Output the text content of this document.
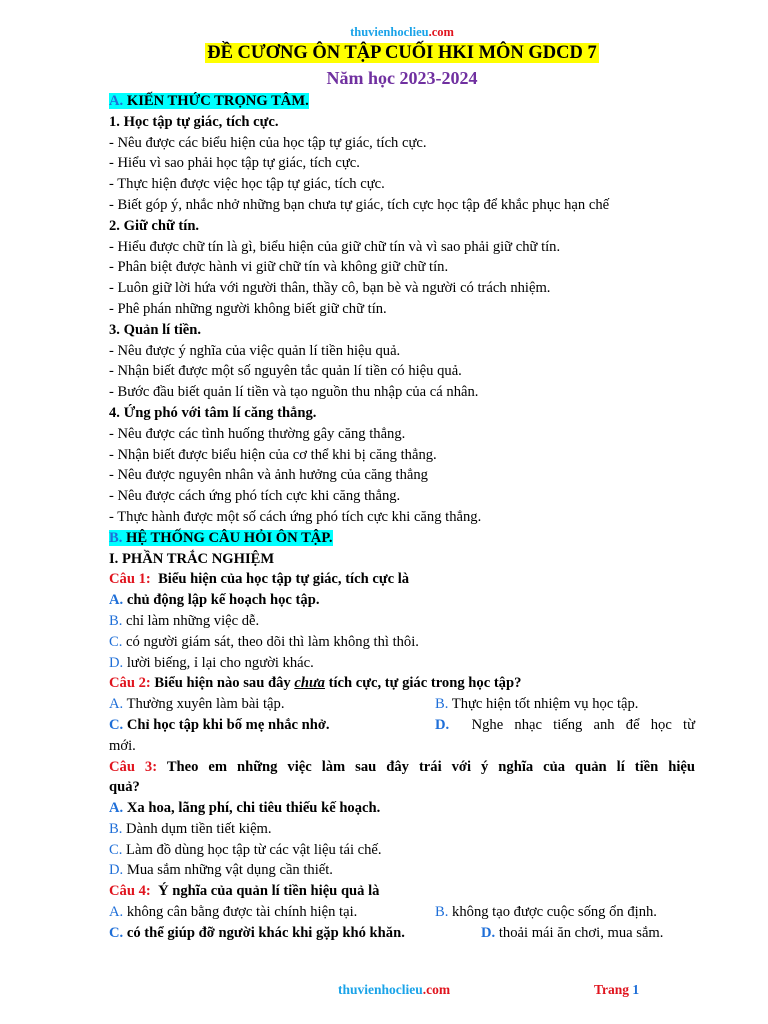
thuvienhoclieu.com
ĐỀ CƯƠNG ÔN TẬP CUỐI HKI MÔN GDCD 7
Năm học 2023-2024
A. KIẾN THỨC TRỌNG TÂM.
1. Học tập tự giác, tích cực.
- Nêu được các biểu hiện của học tập tự giác, tích cực.
- Hiểu vì sao phải học tập tự giác, tích cực.
- Thực hiện được việc học tập tự giác, tích cực.
- Biết góp ý, nhắc nhở những bạn chưa tự giác, tích cực học tập để khắc phục hạn chế
2. Giữ chữ tín.
- Hiểu được chữ tín là gì, biểu hiện của giữ chữ tín và vì sao phải giữ chữ tín.
- Phân biệt được hành vi giữ chữ tín và không giữ chữ tín.
- Luôn giữ lời hứa với người thân, thầy cô, bạn bè và người có trách nhiệm.
- Phê phán những người không biết giữ chữ tín.
3. Quản lí tiền.
- Nêu được ý nghĩa của việc quản lí tiền hiệu quả.
- Nhận biết được một số nguyên tắc quản lí tiền có hiệu quả.
- Bước đầu biết quản lí tiền và tạo nguồn thu nhập của cá nhân.
4. Ứng phó với tâm lí căng thẳng.
- Nêu được các tình huống thường gây căng thẳng.
- Nhận biết được biểu hiện của cơ thể khi bị căng thẳng.
- Nêu được nguyên nhân và ảnh hưởng của căng thẳng
- Nêu được cách ứng phó tích cực khi căng thẳng.
- Thực hành được một số cách ứng phó tích cực khi căng thẳng.
B. HỆ THỐNG CÂU HỎI ÔN TẬP.
I. PHẦN TRẮC NGHIỆM
Câu 1: Biểu hiện của học tập tự giác, tích cực là
A. chủ động lập kế hoạch học tập.
B. chỉ làm những việc dễ.
C. có người giám sát, theo dõi thì làm không thì thôi.
D. lười biếng, ỉ lại cho người khác.
Câu 2: Biểu hiện nào sau đây chưa tích cực, tự giác trong học tập?
A. Thường xuyên làm bài tập.	B. Thực hiện tốt nhiệm vụ học tập.
C. Chỉ học tập khi bố mẹ nhắc nhở.	D. Nghe nhạc tiếng anh để học từ
mới.
Câu 3: Theo em những việc làm sau đây trái với ý nghĩa của quản lí tiền hiệu
quả?
A. Xa hoa, lãng phí, chi tiêu thiếu kế hoạch.
B. Dành dụm tiền tiết kiệm.
C. Làm đồ dùng học tập từ các vật liệu tái chế.
D. Mua sắm những vật dụng cần thiết.
Câu 4: Ý nghĩa của quản lí tiền hiệu quả là
A. không cân bằng được tài chính hiện tại.	B. không tạo được cuộc sống ổn định.
C. có thể giúp đỡ người khác khi gặp khó khăn.	D. thoải mái ăn chơi, mua sắm.
thuvienhoclieu.com	Trang 1
